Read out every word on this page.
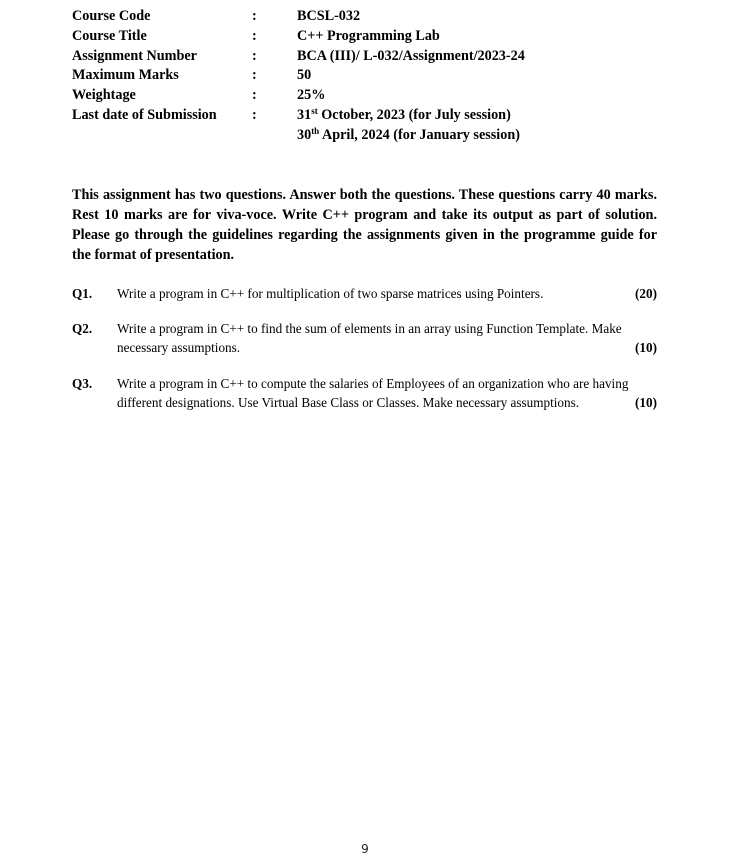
Course Code	:	BCSL-032
Course Title	:	C++ Programming Lab
Assignment Number	:	BCA (III)/ L-032/Assignment/2023-24
Maximum Marks	:	50
Weightage	:	25%
Last date of Submission :	31st October, 2023 (for July session)
30th April, 2024 (for January session)
This assignment has two questions. Answer both the questions. These questions carry 40 marks. Rest 10 marks are for viva-voce. Write C++ program and take its output as part of solution. Please go through the guidelines regarding the assignments given in the programme guide for the format of presentation.
Q1. Write a program in C++ for multiplication of two sparse matrices using Pointers.	(20)
Q2. Write a program in C++ to find the sum of elements in an array using Function Template. Make necessary assumptions.	(10)
Q3. Write a program in C++ to compute the salaries of Employees of an organization who are having different designations. Use Virtual Base Class or Classes. Make necessary assumptions.	(10)
9
